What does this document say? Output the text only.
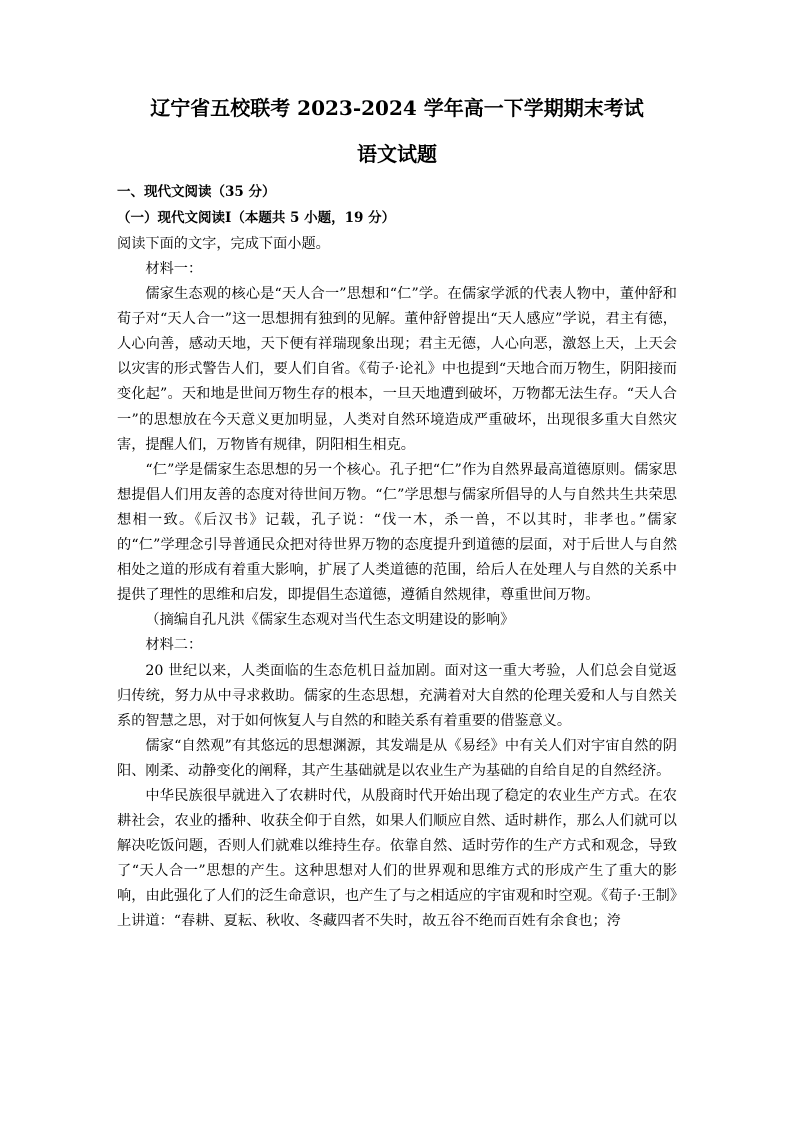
辽宁省五校联考 2023-2024 学年高一下学期期末考试
语文试题
一、现代文阅读（35 分）
（一）现代文阅读Ⅰ（本题共 5 小题，19 分）
阅读下面的文字，完成下面小题。

材料一：

儒家生态观的核心是“天人合一”思想和“仁”学。在儒家学派的代表人物中，董仲舒和荀子对“天人合一”这一思想拥有独到的见解。董仲舒曾提出“天人感应”学说，君主有德，人心向善，感动天地，天下便有祥瑞现象出现；君主无德，人心向恶，激怒上天，上天会以灾害的形式警告人们，要人们自省。《荀子·论礼》中也提到“天地合而万物生，阴阳接而变化起”。天和地是世间万物生存的根本，一旦天地遭到破坏，万物都无法生存。“天人合一”的思想放在今天意义更加明显，人类对自然环境造成严重破坏，出现很多重大自然灾害，提醒人们，万物皆有规律，阴阳相生相克。

“仁”学是儒家生态思想的另一个核心。孔子把“仁”作为自然界最高道德原则。儒家思想提倡人们用友善的态度对待世间万物。“仁”学思想与儒家所倡导的人与自然共生共荣思想相一致。《后汉书》记载，孔子说：“伐一木，杀一兽，不以其时，非孝也。”儒家的“仁”学理念引导普通民众把对待世界万物的态度提升到道德的层面，对于后世人与自然相处之道的形成有着重大影响，扩展了人类道德的范围，给后人在处理人与自然的关系中提供了理性的思维和启发，即提倡生态道德，遵循自然规律，尊重世间万物。

（摘编自孔凡洪《儒家生态观对当代生态文明建设的影响》

材料二：

20 世纪以来，人类面临的生态危机日益加剧。面对这一重大考验，人们总会自觉返归传统，努力从中寻求救助。儒家的生态思想，充满着对大自然的伦理关爱和人与自然关系的智慧之思，对于如何恢复人与自然的和睦关系有着重要的借鉴意义。

儒家“自然观”有其悠远的思想渊源，其发端是从《易经》中有关人们对宇宙自然的阴阳、刚柔、动静变化的阐释，其产生基础就是以农业生产为基础的自给自足的自然经济。

中华民族很早就进入了农耕时代，从殷商时代开始出现了稳定的农业生产方式。在农耕社会，农业的播种、收获全仰于自然，如果人们顺应自然、适时耕作，那么人们就可以解决吃饭问题，否则人们就难以维持生存。依靠自然、适时劳作的生产方式和观念，导致了“天人合一”思想的产生。这种思想对人们的世界观和思维方式的形成产生了重大的影响，由此强化了人们的泛生命意识，也产生了与之相适应的宇宙观和时空观。《荀子·王制》上讲道：“春耕、夏耘、秋收、冬藏四者不失时，故五谷不绝而百姓有余食也；洿
